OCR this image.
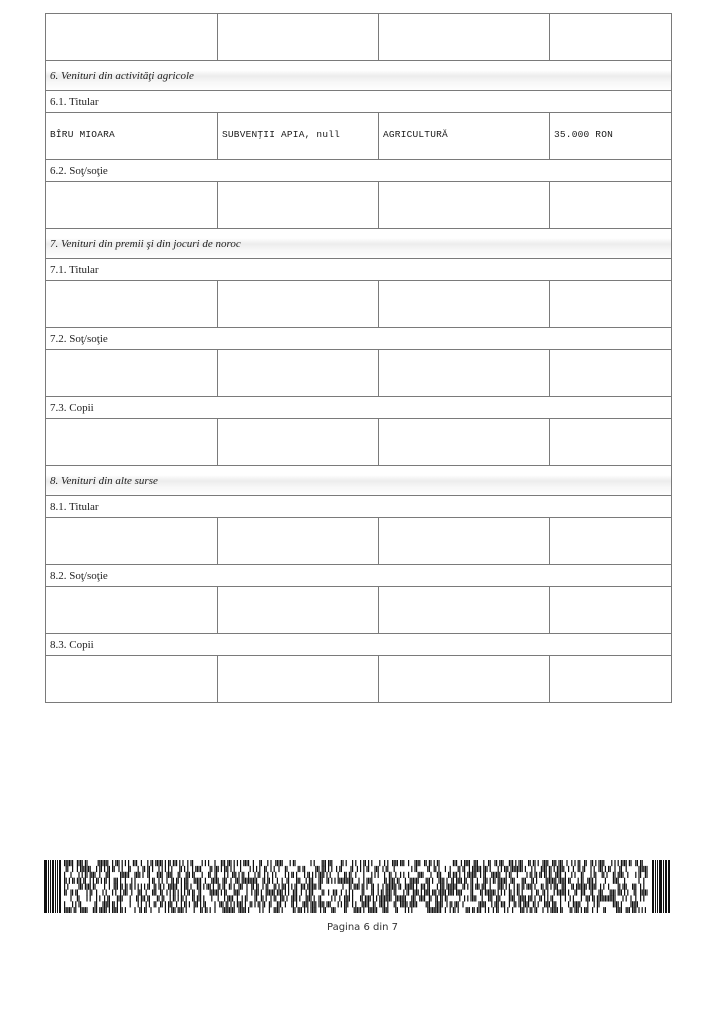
6. Venituri din activităţi agricole			
6.1. Titular			
BÎRU MIOARA	SUBVENŢII APIA, null	AGRICULTURĂ	35.000 RON
6.2. Soţ/soţie			

7. Venituri din premii şi din jocuri de noroc			
7.1. Titular			

7.2. Soţ/soţie			

7.3. Copii			

8. Venituri din alte surse			
8.1. Titular			

8.2. Soţ/soţie			

8.3. Copii			

Pagina 6 din 7
